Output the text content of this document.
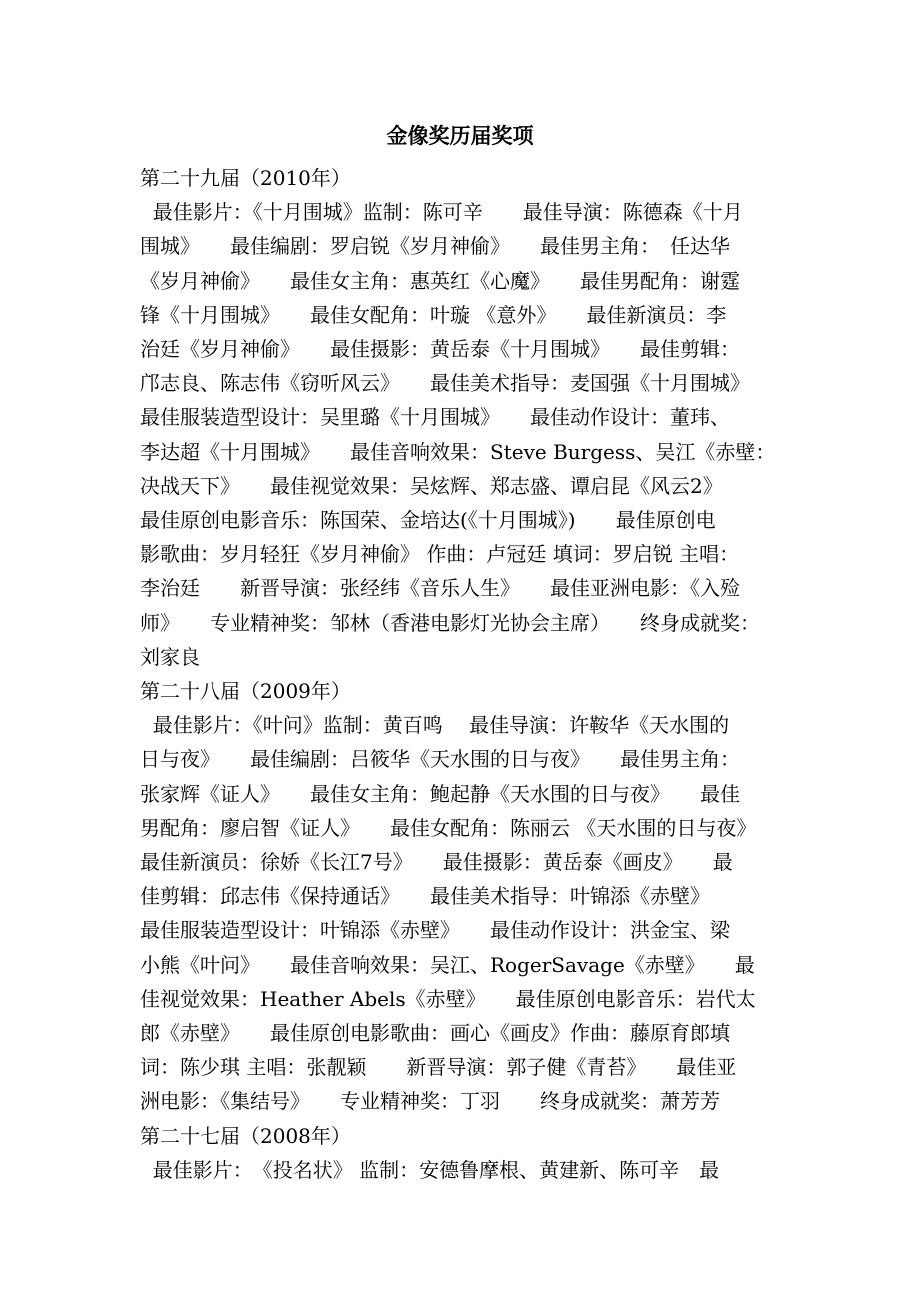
金像奖历届奖项
第二十九届（2010年）
最佳影片：《十月围城》监制：陈可辛　　最佳导演：陈德森《十月
围城》　　最佳编剧：罗启锐《岁月神偷》　　最佳男主角：　任达华
《岁月神偷》　　最佳女主角：惠英红《心魔》　　最佳男配角：谢霆
锋《十月围城》　　最佳女配角：叶璇 《意外》　　最佳新演员：李
治廷《岁月神偷》　　最佳摄影：黄岳泰《十月围城》　　最佳剪辑：
邝志良、陈志伟《窃听风云》　　最佳美术指导：麦国强《十月围城》
最佳服装造型设计：吴里璐《十月围城》　　最佳动作设计：董玮、
李达超《十月围城》　　最佳音响效果：Steve Burgess、吴江《赤壁：
决战天下》　　最佳视觉效果：吴炫辉、郑志盛、谭启昆《风云2》
最佳原创电影音乐：陈国荣、金培达(《十月围城》)　　最佳原创电
影歌曲：岁月轻狂《岁月神偷》 作曲：卢冠廷 填词：罗启锐 主唱：
李治廷　　新晋导演：张经纬《音乐人生》　　最佳亚洲电影：《入殓
师》　　专业精神奖：邹林（香港电影灯光协会主席）　　终身成就奖：
刘家良
第二十八届（2009年）
最佳影片：《叶问》监制：黄百鸣　 最佳导演：许鞍华《天水围的
日与夜》　　最佳编剧：吕筱华《天水围的日与夜》　　最佳男主角：
张家辉《证人》　　最佳女主角：鲍起静《天水围的日与夜》　　最佳
男配角：廖启智《证人》　　最佳女配角：陈丽云 《天水围的日与夜》
最佳新演员：徐娇《长江7号》　　最佳摄影：黄岳泰《画皮》　　最
佳剪辑：邱志伟《保持通话》　　最佳美术指导：叶锦添《赤壁》
最佳服装造型设计：叶锦添《赤壁》　　最佳动作设计：洪金宝、梁
小熊《叶问》　　最佳音响效果：吴江、RogerSavage《赤壁》　　最
佳视觉效果：Heather Abels《赤壁》　　最佳原创电影音乐：岩代太
郎《赤壁》　　最佳原创电影歌曲：画心《画皮》作曲：藤原育郎填
词：陈少琪 主唱：张靓颖　　新晋导演：郭子健《青苔》　　最佳亚
洲电影：《集结号》　　专业精神奖：丁羽　　终身成就奖：萧芳芳
第二十七届（2008年）
最佳影片：　《投名状》 监制：安德鲁摩根、黄建新、陈可辛　最
